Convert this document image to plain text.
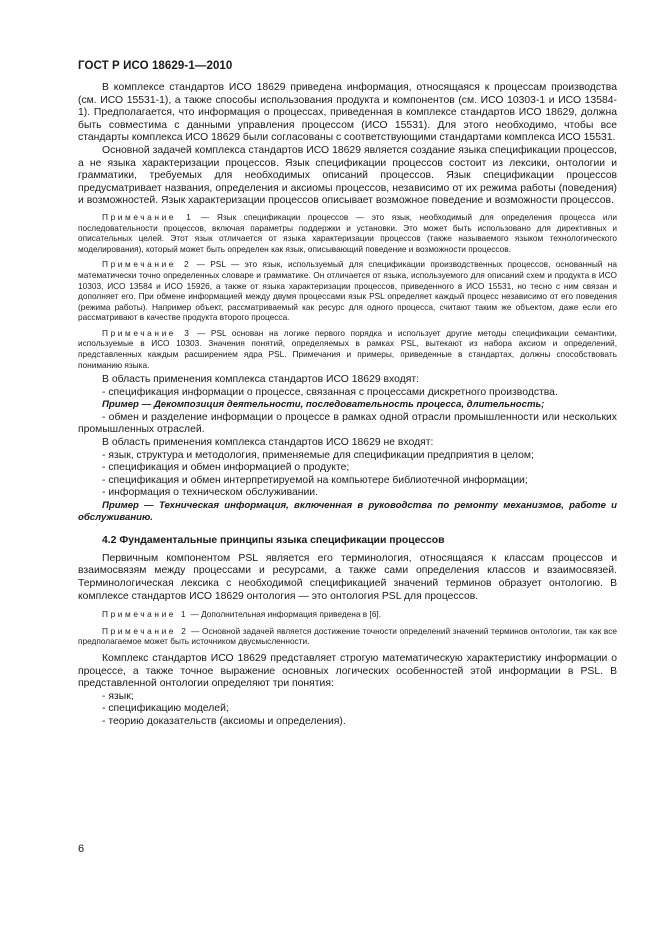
ГОСТ Р ИСО 18629-1—2010

В комплексе стандартов ИСО 18629 приведена информация, относящаяся к процессам производства (см. ИСО 15531-1), а также способы использования продукта и компонентов (см. ИСО 10303-1 и ИСО 13584-1). Предполагается, что информация о процессах, приведенная в комплексе стандартов ИСО 18629, должна быть совместима с данными управления процессом (ИСО 15531). Для этого необходимо, чтобы все стандарты комплекса ИСО 18629 были согласованы с соответствующими стандартами комплекса ИСО 15531.

Основной задачей комплекса стандартов ИСО 18629 является создание языка спецификации процессов, а не языка характеризации процессов. Язык спецификации процессов состоит из лексики, онтологии и грамматики, требуемых для необходимых описаний процессов. Язык спецификации процессов предусматривает названия, определения и аксиомы процессов, независимо от их режима работы (поведения) и возможностей. Язык характеризации процессов описывает возможное поведение и возможности процессов.

Примечание 1 — Язык спецификации процессов — это язык, необходимый для определения процесса или последовательности процессов, включая параметры поддержки и установки. Это может быть использовано для директивных и описательных целей. Этот язык отличается от языка характеризации процессов (также называемого языком технологического моделирования), который может быть определен как язык, описывающий поведение и возможности процессов.

Примечание 2 — PSL — это язык, используемый для спецификации производственных процессов, основанный на математически точно определенных словаре и грамматике. Он отличается от языка, используемого для описаний схем и продукта в ИСО 10303, ИСО 13584 и ИСО 15926, а также от языка характеризации процессов, приведенного в ИСО 15531, но тесно с ним связан и дополняет его. При обмене информацией между двумя процессами язык PSL определяет каждый процесс независимо от его поведения (режима работы). Например объект, рассматриваемый как ресурс для одного процесса, считают таким же объектом, даже если его рассматривают в качестве продукта второго процесса.

Примечание 3 — PSL основан на логике первого порядка и использует другие методы спецификации семантики, используемые в ИСО 10303. Значения понятий, определяемых в рамках PSL, вытекают из набора аксиом и определений, представленных каждым расширением ядра PSL. Примечания и примеры, приведенные в стандартах, должны способствовать пониманию языка.

В область применения комплекса стандартов ИСО 18629 входят:

- спецификация информации о процессе, связанная с процессами дискретного производства.

Пример — Декомпозиция деятельности, последовательность процесса, длительность;

- обмен и разделение информации о процессе в рамках одной отрасли промышленности или нескольких промышленных отраслей.

В область применения комплекса стандартов ИСО 18629 не входят:

- язык, структура и методология, применяемые для спецификации предприятия в целом;

- спецификация и обмен информацией о продукте;

- спецификация и обмен интерпретируемой на компьютере библиотечной информации;

- информация о техническом обслуживании.

Пример — Техническая информация, включенная в руководства по ремонту механизмов, работе и обслуживанию.

4.2 Фундаментальные принципы языка спецификации процессов

Первичным компонентом PSL является его терминология, относящаяся к классам процессов и взаимосвязям между процессами и ресурсами, а также сами определения классов и взаимосвязей. Терминологическая лексика с необходимой спецификацией значений терминов образует онтологию. В комплексе стандартов ИСО 18629 онтология — это онтология PSL для процессов.

Примечание 1 — Дополнительная информация приведена в [6].

Примечание 2 — Основной задачей является достижение точности определений значений терминов онтологии, так как все предполагаемое может быть источником двусмысленности.

Комплекс стандартов ИСО 18629 представляет строгую математическую характеристику информации о процессе, а также точное выражение основных логических особенностей этой информации в PSL. В представленной онтологии определяют три понятия:

- язык;

- спецификацию моделей;

- теорию доказательств (аксиомы и определения).

6
